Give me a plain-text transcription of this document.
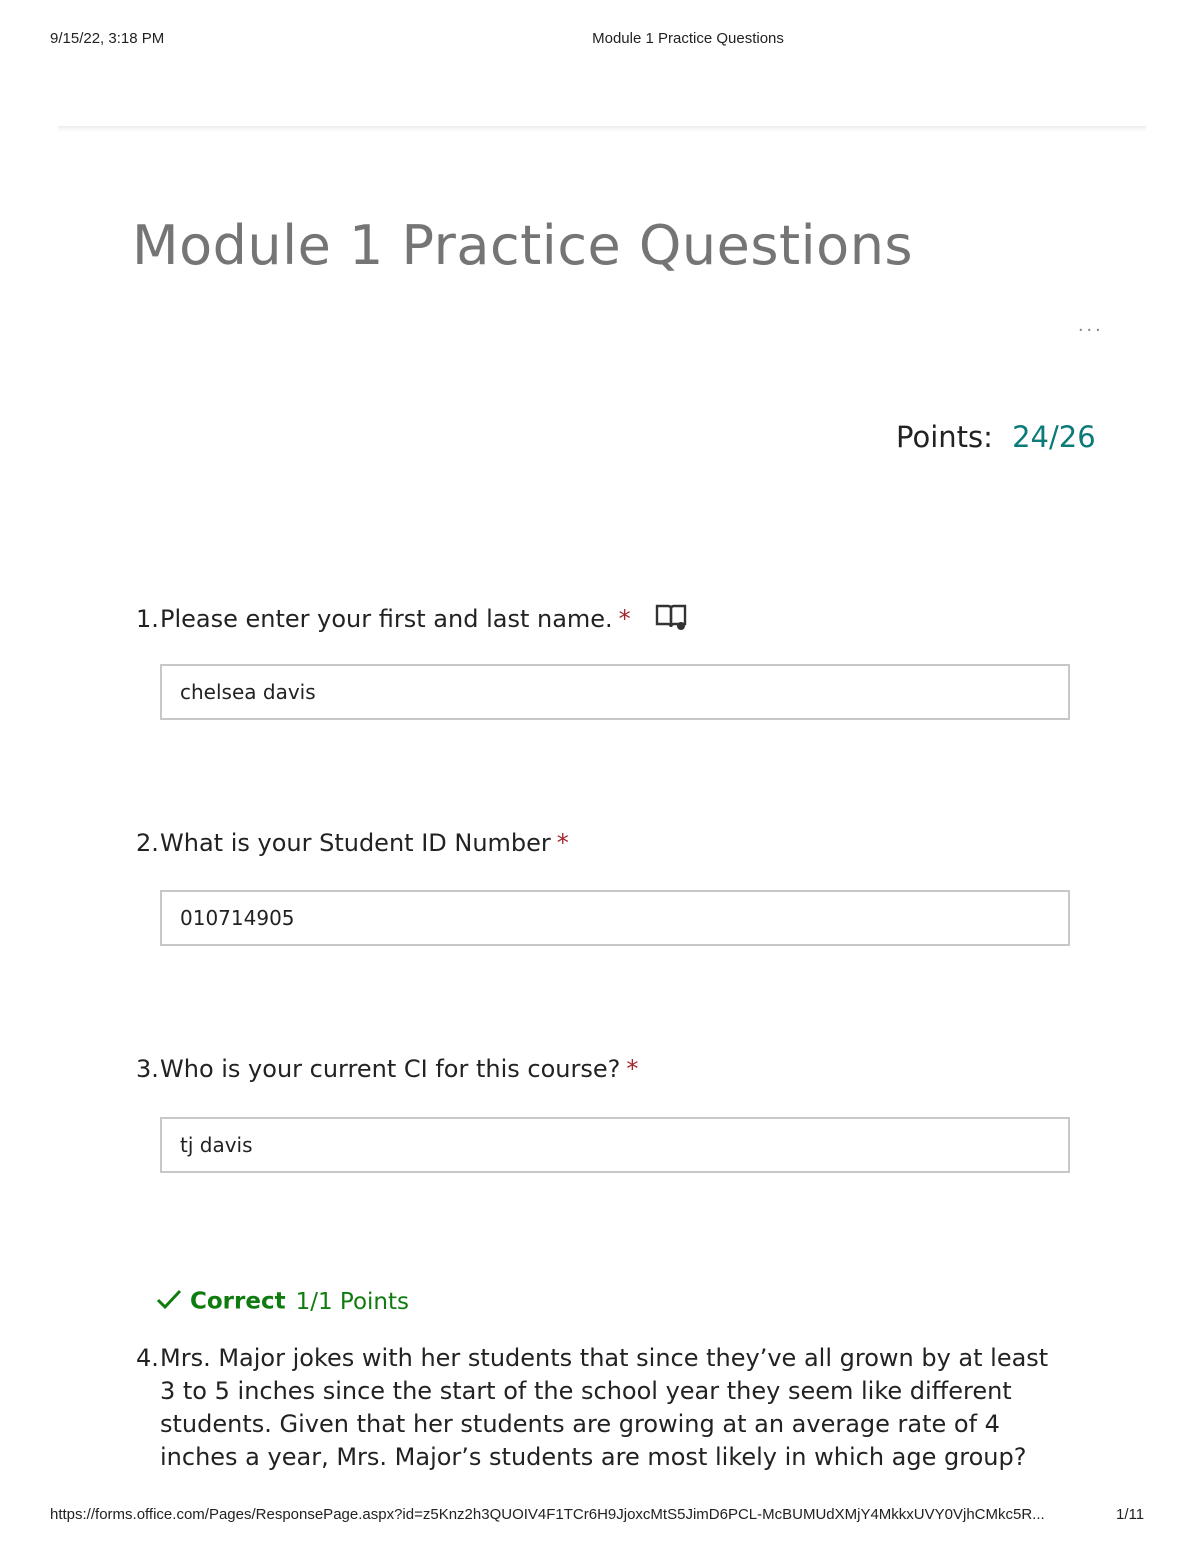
9/15/22, 3:18 PM	Module 1 Practice Questions
Module 1 Practice Questions
...
Points: 24/26
1.Please enter your first and last name. *
chelsea davis
2.What is your Student ID Number *
010714905
3.Who is your current CI for this course? *
tj davis
Correct 1/1 Points
4. Mrs. Major jokes with her students that since they’ve all grown by at least 3 to 5 inches since the start of the school year they seem like different students. Given that her students are growing at an average rate of 4 inches a year, Mrs. Major’s students are most likely in which age group?
https://forms.office.com/Pages/ResponsePage.aspx?id=z5Knz2h3QUOIV4F1TCr6H9JjoxcMtS5JimD6PCL-McBUMUdXMjY4MkkxUVY0VjhCMkc5R...	1/11
